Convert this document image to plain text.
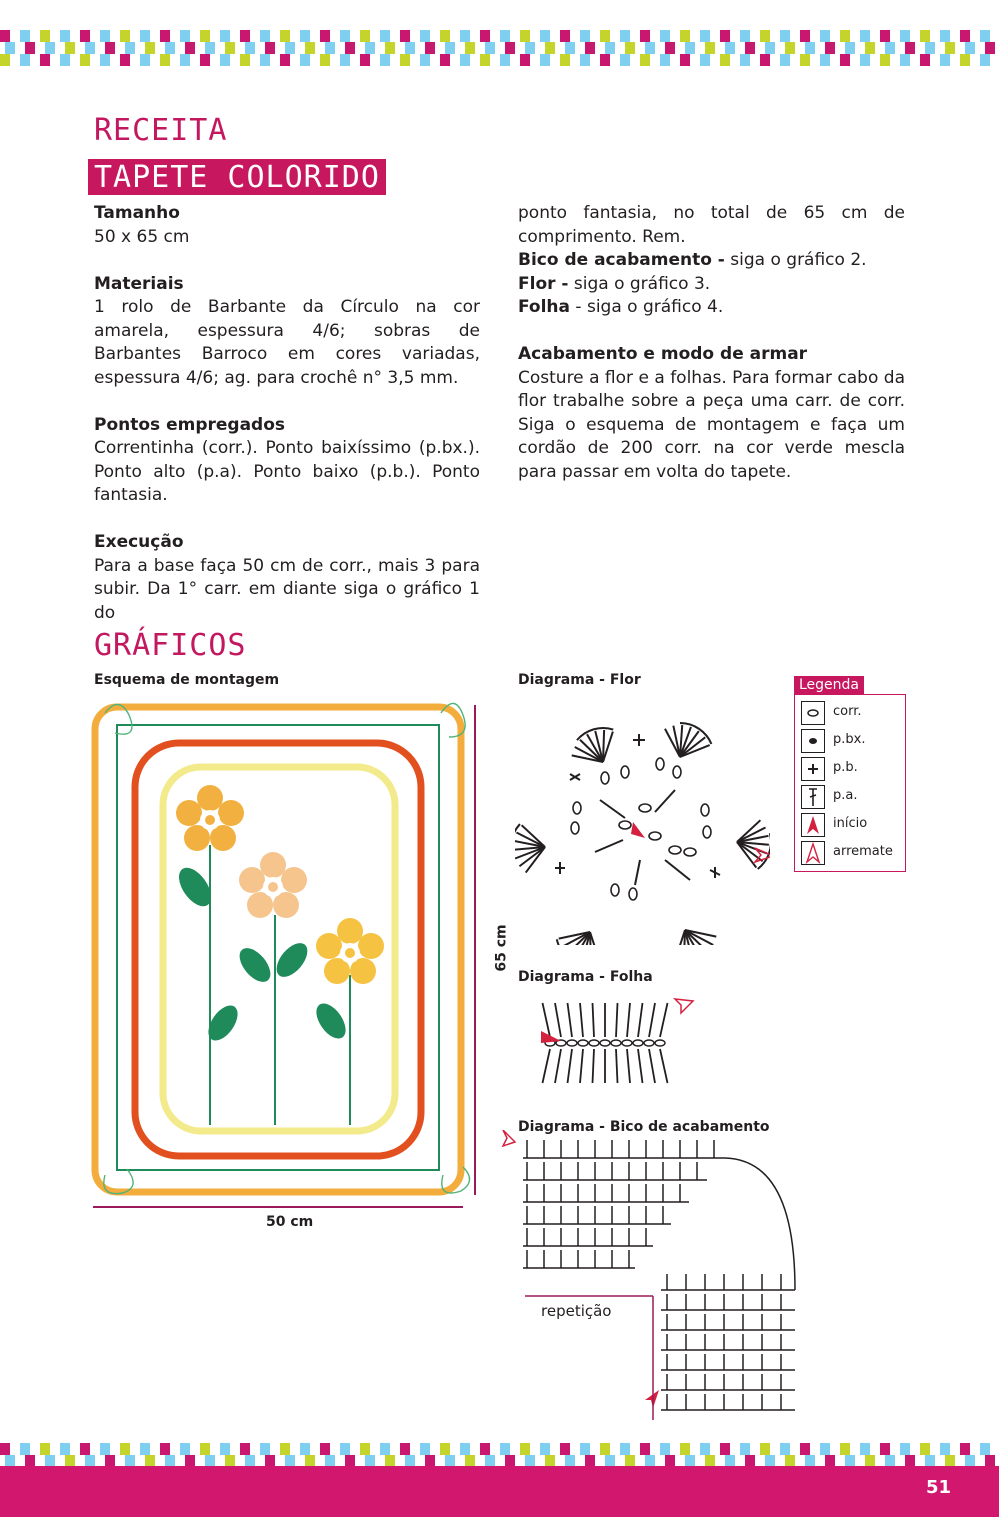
RECEITA
TAPETE COLORIDO

Tamanho

50 x 65 cm

Materiais

1 rolo de Barbante da Círculo na cor amarela, espessura 4/6; sobras de Barbantes Barroco em cores variadas, espessura 4/6; ag. para crochê n° 3,5 mm.

Pontos empregados

Correntinha (corr.). Ponto baixíssimo (p.bx.). Ponto alto (p.a). Ponto baixo (p.b.). Ponto fantasia.

Execução

Para a base faça 50 cm de corr., mais 3 para subir. Da 1° carr. em diante siga o gráfico 1 do

ponto fantasia, no total de 65 cm de comprimento. Rem.

Bico de acabamento - siga o gráfico 2.

Flor - siga o gráfico 3.

Folha - siga o gráfico 4.

Acabamento e modo de armar

Costure a flor e a folhas. Para formar cabo da flor trabalhe sobre a peça uma carr. de corr. Siga o esquema de montagem e faça um cordão de 200 corr. na cor verde mescla para passar em volta do tapete.

GRÁFICOS
Esquema de montagem	Diagrama - Flor
Diagrama - Folha
Diagrama - Bico de acabamento
50 cm
65 cm
Legenda
corr.
p.bx.
p.b.
p.a.
início
arremate
repetição
51
